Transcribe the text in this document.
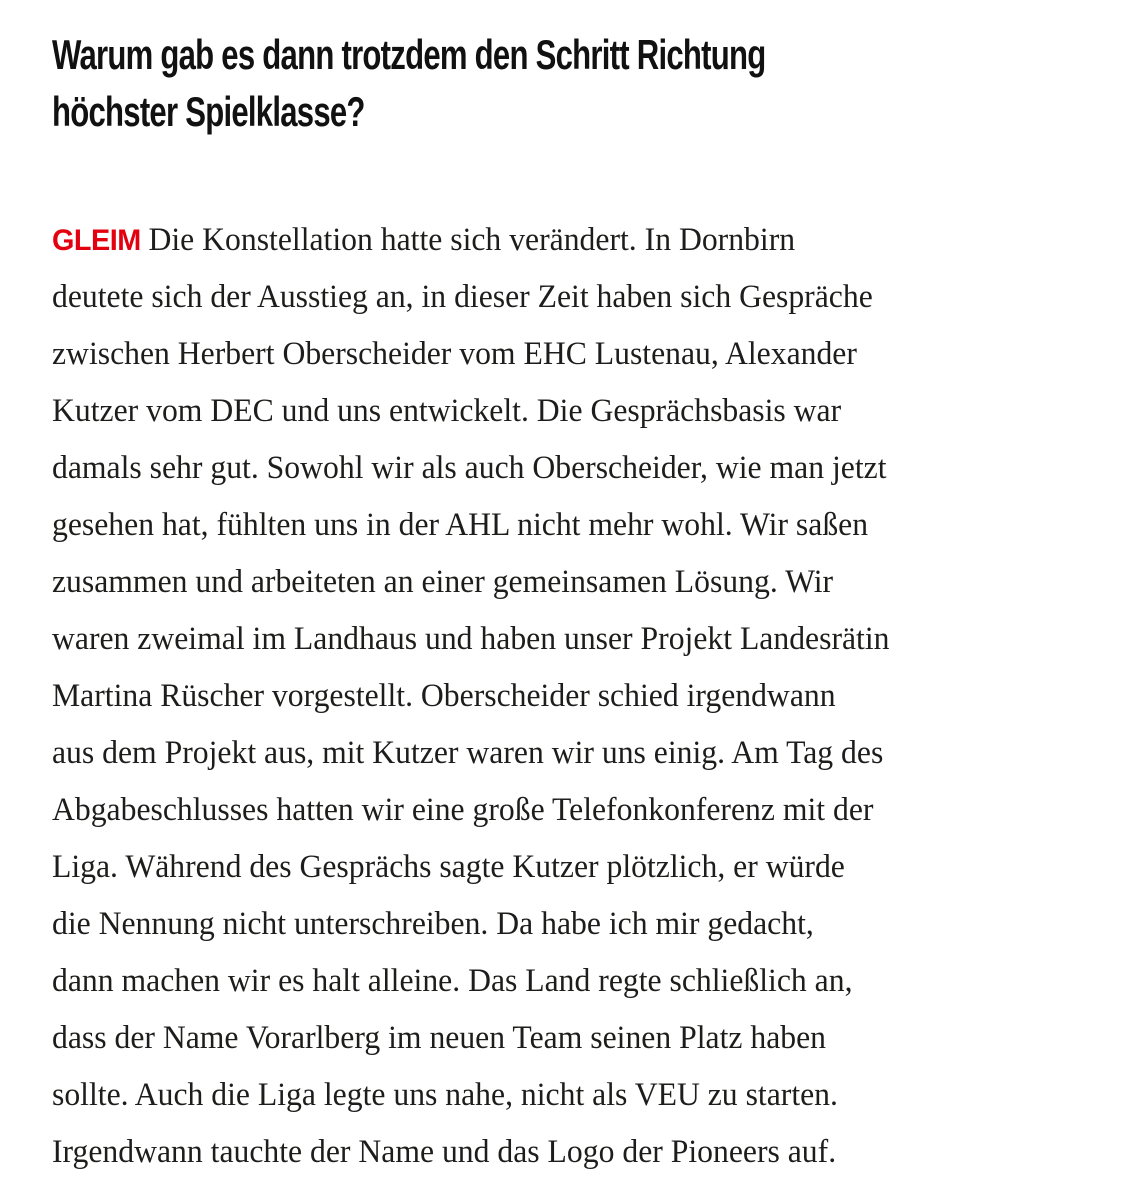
Warum gab es dann trotzdem den Schritt Richtung
höchster Spielklasse?
GLEIM Die Konstellation hatte sich verändert. In Dornbirn
deutete sich der Ausstieg an, in dieser Zeit haben sich Gespräche
zwischen Herbert Oberscheider vom EHC Lustenau, Alexander
Kutzer vom DEC und uns entwickelt. Die Gesprächsbasis war
damals sehr gut. Sowohl wir als auch Oberscheider, wie man jetzt
gesehen hat, fühlten uns in der AHL nicht mehr wohl. Wir saßen
zusammen und arbeiteten an einer gemeinsamen Lösung. Wir
waren zweimal im Landhaus und haben unser Projekt Landesrätin
Martina Rüscher vorgestellt. Oberscheider schied irgendwann
aus dem Projekt aus, mit Kutzer waren wir uns einig. Am Tag des
Abgabeschlusses hatten wir eine große Telefonkonferenz mit der
Liga. Während des Gesprächs sagte Kutzer plötzlich, er würde
die Nennung nicht unterschreiben. Da habe ich mir gedacht,
dann machen wir es halt alleine. Das Land regte schließlich an,
dass der Name Vorarlberg im neuen Team seinen Platz haben
sollte. Auch die Liga legte uns nahe, nicht als VEU zu starten.
Irgendwann tauchte der Name und das Logo der Pioneers auf.
